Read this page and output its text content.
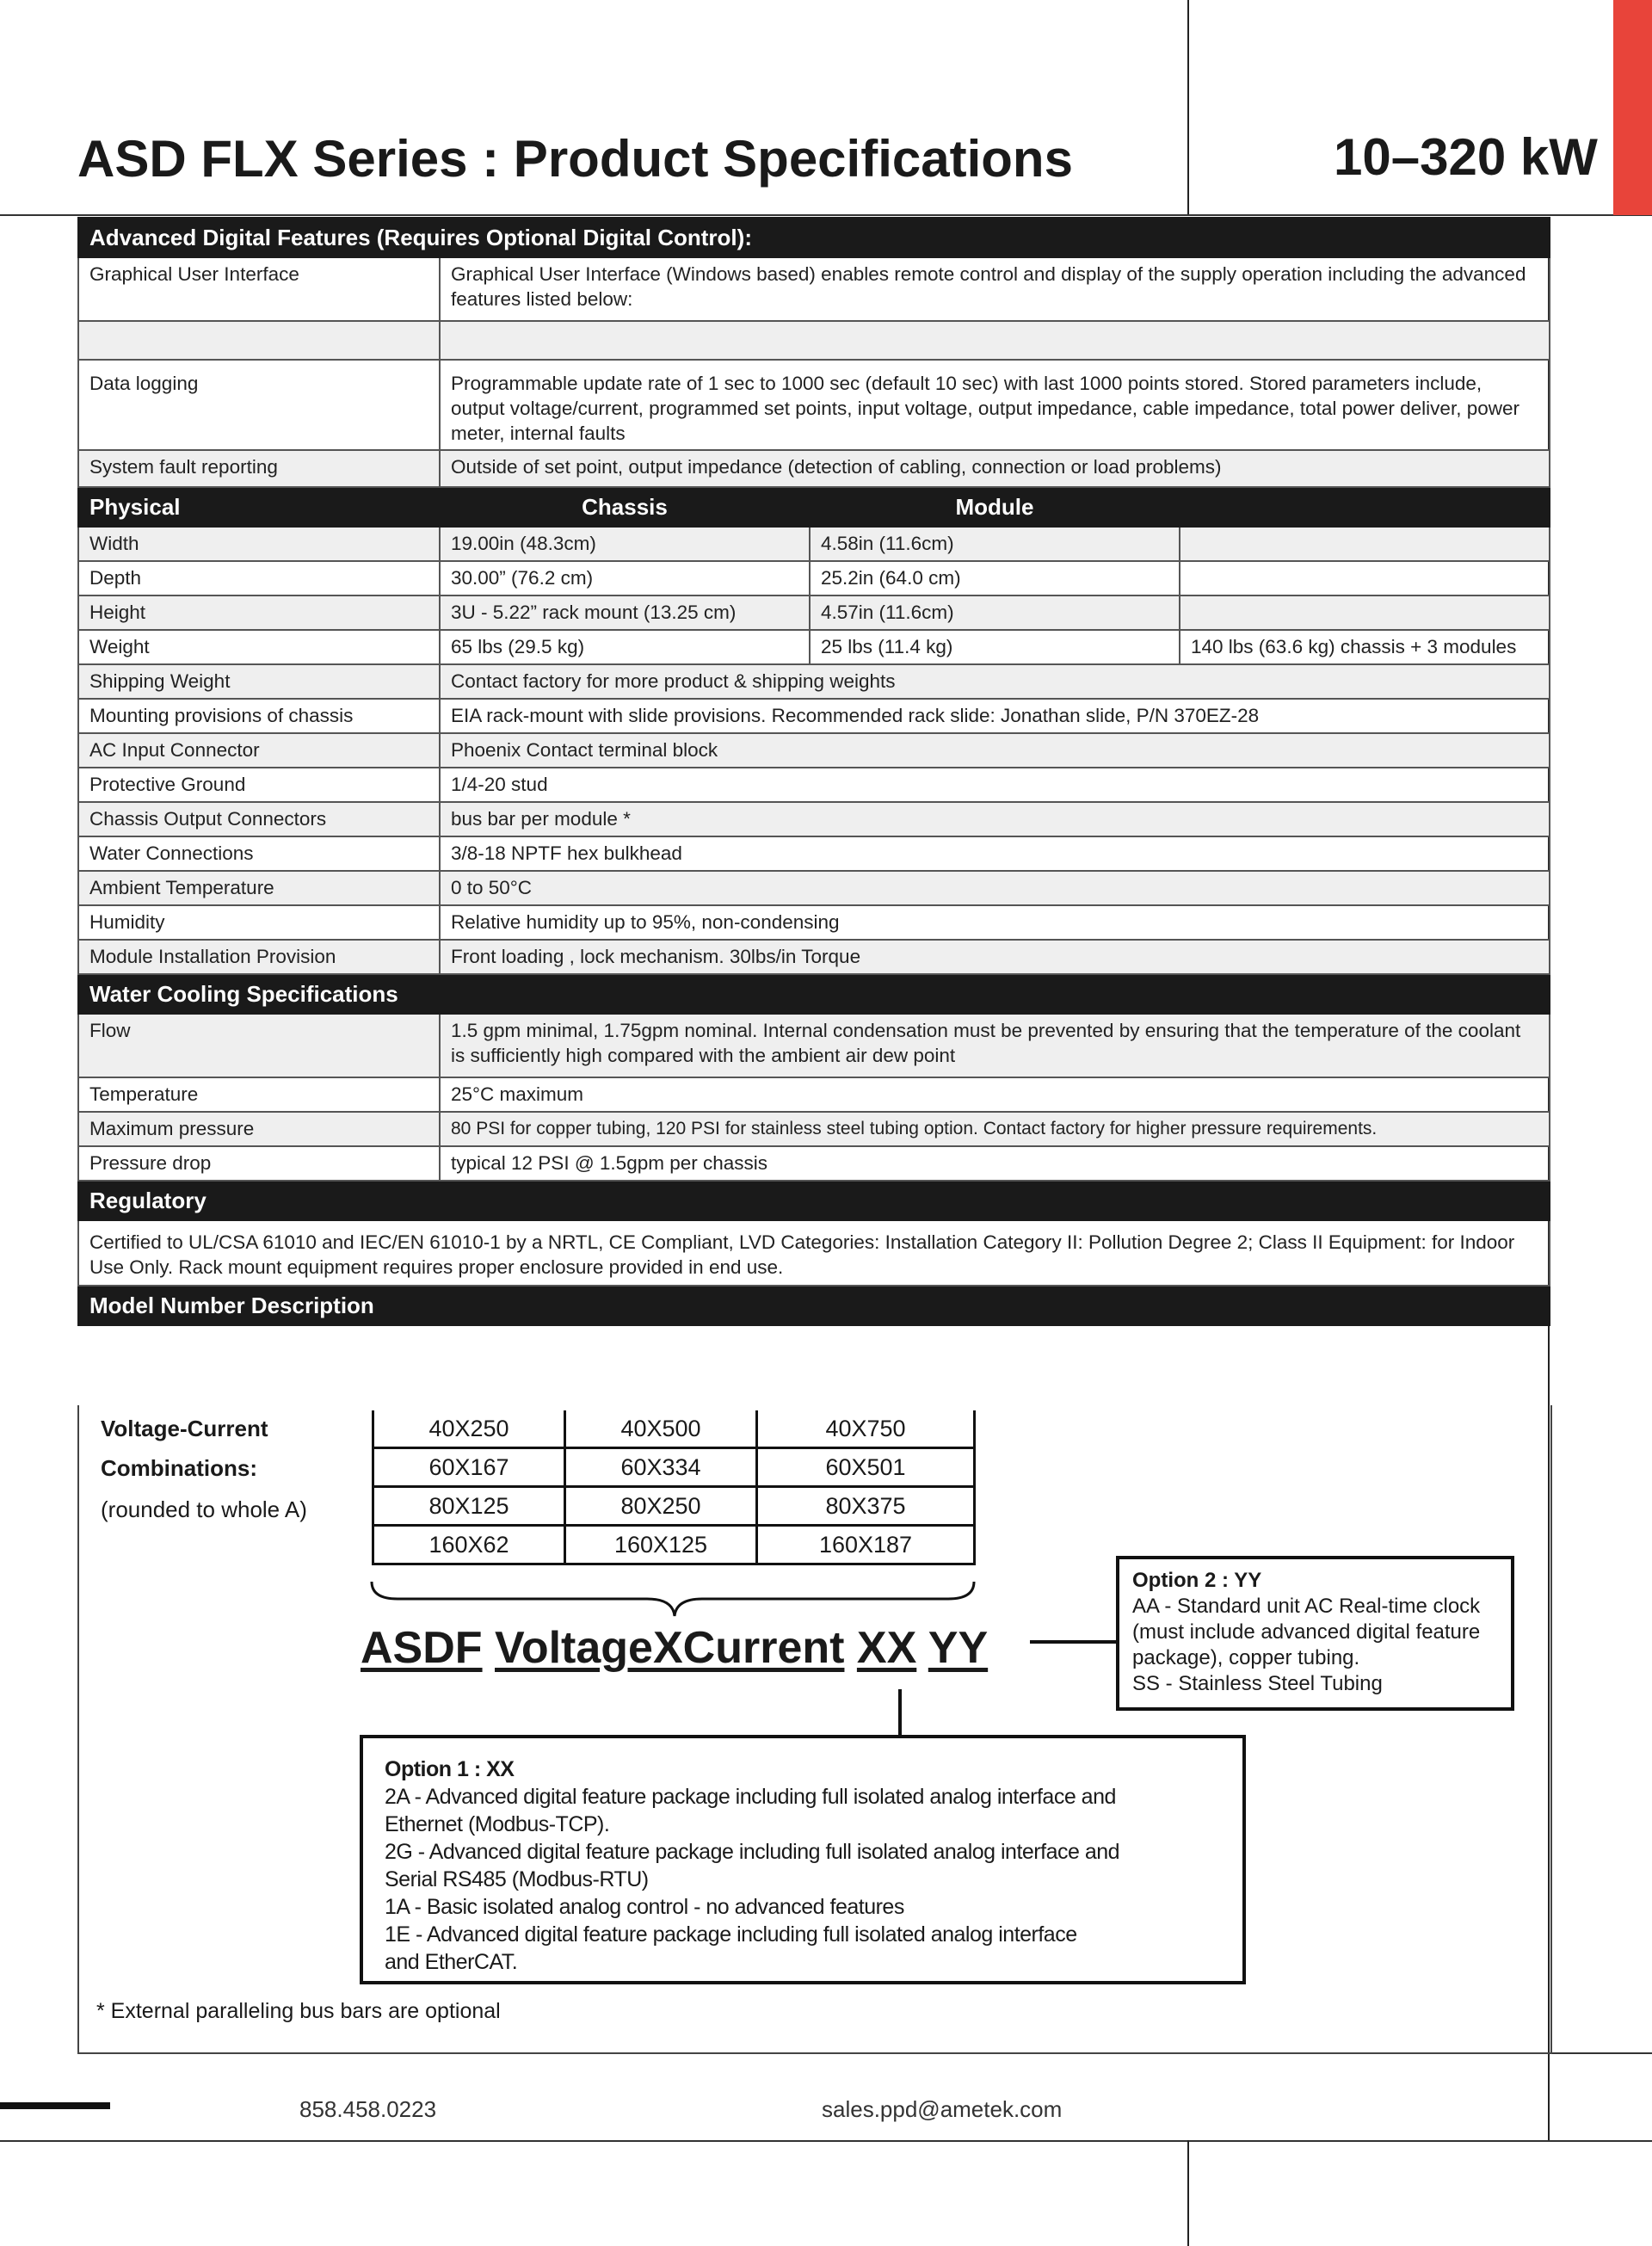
ASD FLX Series : Product Specifications	10–320 kW
Advanced Digital Features (Requires Optional Digital Control):			
Graphical User Interface	Graphical User Interface (Windows based) enables remote control and display of the supply operation including the advanced features listed below:		

Data logging	Programmable update rate of 1 sec to 1000 sec (default 10 sec) with last 1000 points stored. Stored parameters include, output voltage/current, programmed set points, input voltage, output impedance, cable impedance, total power deliver, power meter, internal faults		
System fault reporting	Outside of set point, output impedance (detection of cabling, connection or load problems)		
Physical	Chassis	Module	
Width	19.00in (48.3cm)	4.58in (11.6cm)	
Depth	30.00” (76.2 cm)	25.2in (64.0 cm)	
Height	3U - 5.22” rack mount (13.25 cm)	4.57in (11.6cm)	
Weight	65 lbs (29.5 kg)	25 lbs (11.4 kg)	140 lbs (63.6 kg) chassis + 3 modules
Shipping Weight	Contact factory for more product & shipping weights		
Mounting provisions of chassis	EIA rack-mount with slide provisions. Recommended rack slide: Jonathan slide, P/N 370EZ-28		
AC Input Connector	Phoenix Contact terminal block		
Protective Ground	1/4-20 stud		
Chassis Output Connectors	bus bar per module *		
Water Connections	3/8-18 NPTF hex bulkhead		
Ambient Temperature	0 to 50°C		
Humidity	Relative humidity up to 95%, non-condensing		
Module Installation Provision	Front loading , lock mechanism. 30lbs/in Torque		
Water Cooling Specifications			
Flow	1.5 gpm minimal, 1.75gpm nominal. Internal condensation must be prevented by ensuring that the temperature of the coolant is sufficiently high compared with the ambient air dew point		
Temperature	25°C maximum		
Maximum pressure	80 PSI for copper tubing, 120 PSI for stainless steel tubing option. Contact factory for higher pressure requirements.		
Pressure drop	typical 12 PSI @ 1.5gpm per chassis		
Regulatory			
Certified to UL/CSA 61010 and IEC/EN 61010-1 by a NRTL, CE Compliant, LVD Categories: Installation Category II: Pollution Degree 2; Class II Equipment: for Indoor Use Only. Rack mount equipment requires proper enclosure provided in end use.			
Model Number Description			
Voltage-Current
Combinations:
(rounded to whole A)
40X250	40X500	40X750
60X167	60X334	60X501
80X125	80X250	80X375
160X62	160X125	160X187
ASDF VoltageXCurrent XX YY
Option 2 : YY
AA - Standard unit AC Real-time clock (must include advanced digital feature package), copper tubing.
SS - Stainless Steel Tubing
Option 1 : XX
2A - Advanced digital feature package including full isolated analog interface and Ethernet (Modbus-TCP).
2G - Advanced digital feature package including full isolated analog interface and Serial RS485 (Modbus-RTU)
1A - Basic isolated analog control - no advanced features
1E - Advanced digital feature package including full isolated analog interface and EtherCAT.
* External paralleling bus bars are optional
858.458.0223	sales.ppd@ametek.com
